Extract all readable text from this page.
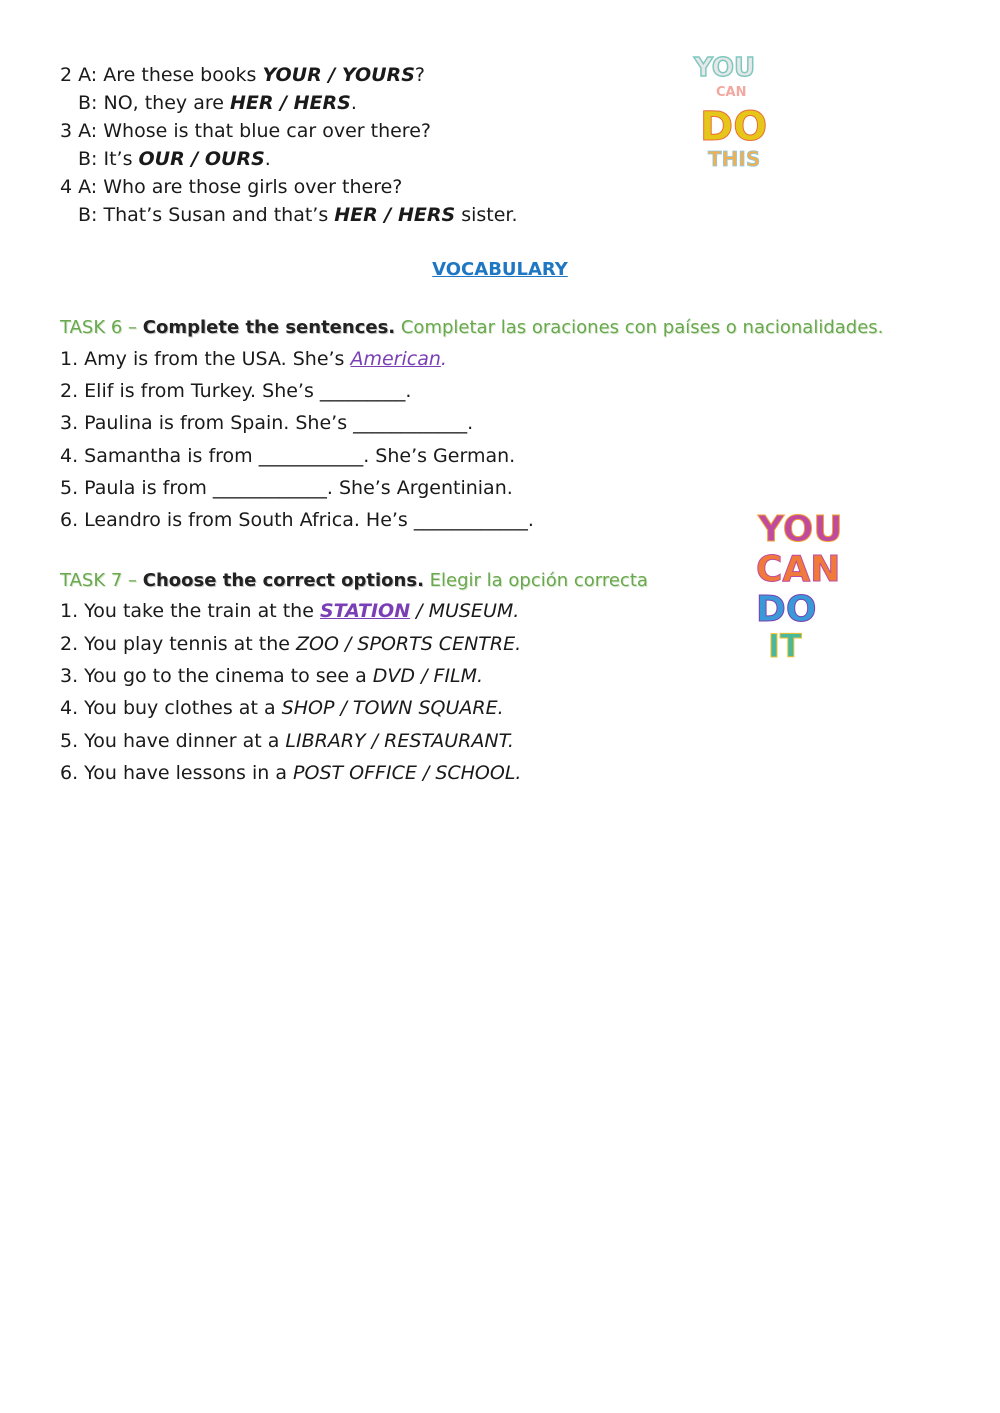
2 A: Are these books YOUR / YOURS?
B: NO, they are HER / HERS.
3 A: Whose is that blue car over there?
B: It’s OUR / OURS.
4 A: Who are those girls over there?
B: That’s Susan and that’s HER / HERS sister.
YOU
CAN
DO
THIS
VOCABULARY
TASK 6 – Complete the sentences. Completar las oraciones con países o nacionalidades.
1. Amy is from the USA. She’s American.
2. Elif is from Turkey. She’s _________.
3. Paulina is from Spain. She’s ____________.
4. Samantha is from ___________. She’s German.
5. Paula is from ____________. She’s Argentinian.
6. Leandro is from South Africa. He’s ____________.	YOU
CAN
DO
IT
TASK 7 – Choose the correct options. Elegir la opción correcta
1. You take the train at the STATION / MUSEUM.
2. You play tennis at the ZOO / SPORTS CENTRE.
3. You go to the cinema to see a DVD / FILM.
4. You buy clothes at a SHOP / TOWN SQUARE.
5. You have dinner at a LIBRARY / RESTAURANT.
6. You have lessons in a POST OFFICE / SCHOOL.
